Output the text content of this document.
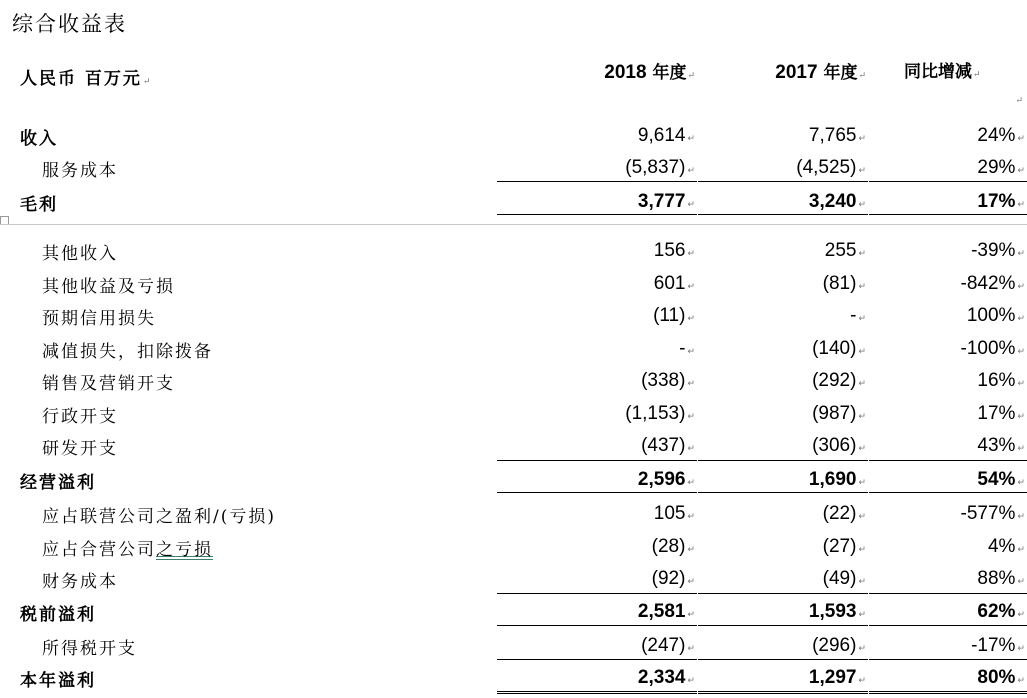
综合收益表
人民币 百万元↵	2018 年度↵	2017 年度↵ 同比增减↵
↵
收入	9,614 ↵	7,765 ↵	24% ↵
服务成本	(5,837) ↵	(4,525) ↵	29% ↵
毛利	3,777 ↵	3,240 ↵	17% ↵
其他收入	156 ↵	255 ↵	-39% ↵
其他收益及亏损	601 ↵	(81) ↵	-842% ↵
预期信用损失	(11) ↵	- ↵	100% ↵
减值损失，扣除拨备	- ↵	(140) ↵	-100% ↵
销售及营销开支	(338) ↵	(292) ↵	16% ↵
行政开支	(1,153) ↵	(987) ↵	17% ↵
研发开支	(437) ↵	(306) ↵	43% ↵
经营溢利	2,596 ↵	1,690 ↵	54% ↵
应占联营公司之盈利/(亏损)	105 ↵	(22) ↵	-577% ↵
应占合营公司之亏损	(28) ↵	(27) ↵	4% ↵
财务成本	(92) ↵	(49) ↵	88% ↵
税前溢利	2,581 ↵	1,593 ↵	62% ↵
所得税开支	(247) ↵	(296) ↵	-17% ↵
本年溢利	2,334 ↵	1,297 ↵	80% ↵
